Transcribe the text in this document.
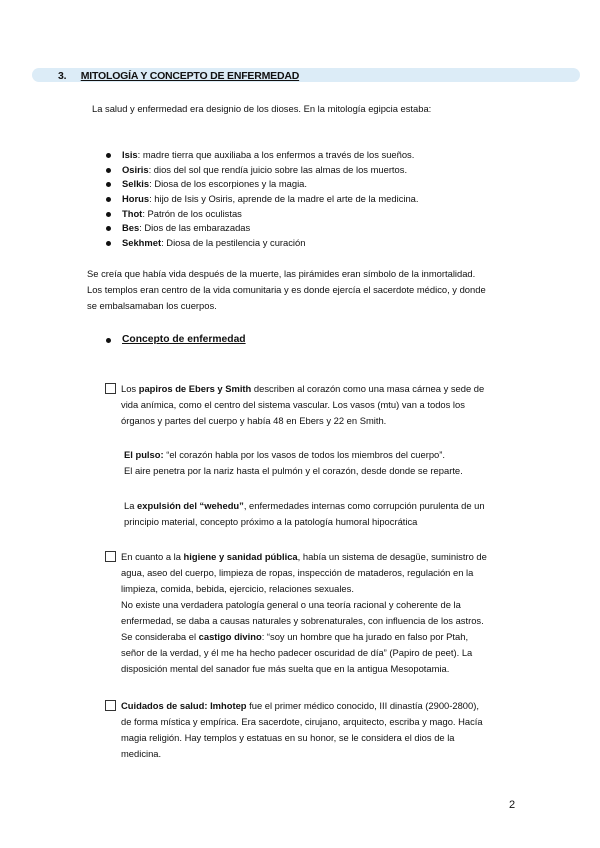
3. MITOLOGÍA Y CONCEPTO DE ENFERMEDAD
La salud y enfermedad era designio de los dioses. En la mitología egipcia estaba:
Isis: madre tierra que auxiliaba a los enfermos a través de los sueños.
Osiris: dios del sol que rendía juicio sobre las almas de los muertos.
Selkis: Diosa de los escorpiones y la magia.
Horus: hijo de Isis y Osiris, aprende de la madre el arte de la medicina.
Thot: Patrón de los oculistas
Bes: Dios de las embarazadas
Sekhmet: Diosa de la pestilencia y curación
Se creía que había vida después de la muerte, las pirámides eran símbolo de la inmortalidad.
Los templos eran centro de la vida comunitaria y es donde ejercía el sacerdote médico, y donde
se embalsamaban los cuerpos.
Concepto de enfermedad
Los papiros de Ebers y Smith describen al corazón como una masa cárnea y sede de
vida anímica, como el centro del sistema vascular. Los vasos (mtu) van a todos los
órganos y partes del cuerpo y había 48 en Ebers y 22 en Smith.
El pulso: “el corazón habla por los vasos de todos los miembros del cuerpo”.
El aire penetra por la nariz hasta el pulmón y el corazón, desde donde se reparte.
La expulsión del “wehedu”, enfermedades internas como corrupción purulenta de un
principio material, concepto próximo a la patología humoral hipocrática
En cuanto a la higiene y sanidad pública, había un sistema de desagüe, suministro de
agua, aseo del cuerpo, limpieza de ropas, inspección de mataderos, regulación en la
limpieza, comida, bebida, ejercicio, relaciones sexuales.
No existe una verdadera patología general o una teoría racional y coherente de la
enfermedad, se daba a causas naturales y sobrenaturales, con influencia de los astros.
Se consideraba el castigo divino: “soy un hombre que ha jurado en falso por Ptah,
señor de la verdad, y él me ha hecho padecer oscuridad de día” (Papiro de peet). La
disposición mental del sanador fue más suelta que en la antigua Mesopotamia.
Cuidados de salud: Imhotep fue el primer médico conocido, III dinastía (2900-2800),
de forma mística y empírica. Era sacerdote, cirujano, arquitecto, escriba y mago. Hacía
magia religión. Hay templos y estatuas en su honor, se le considera el dios de la
medicina.
2
